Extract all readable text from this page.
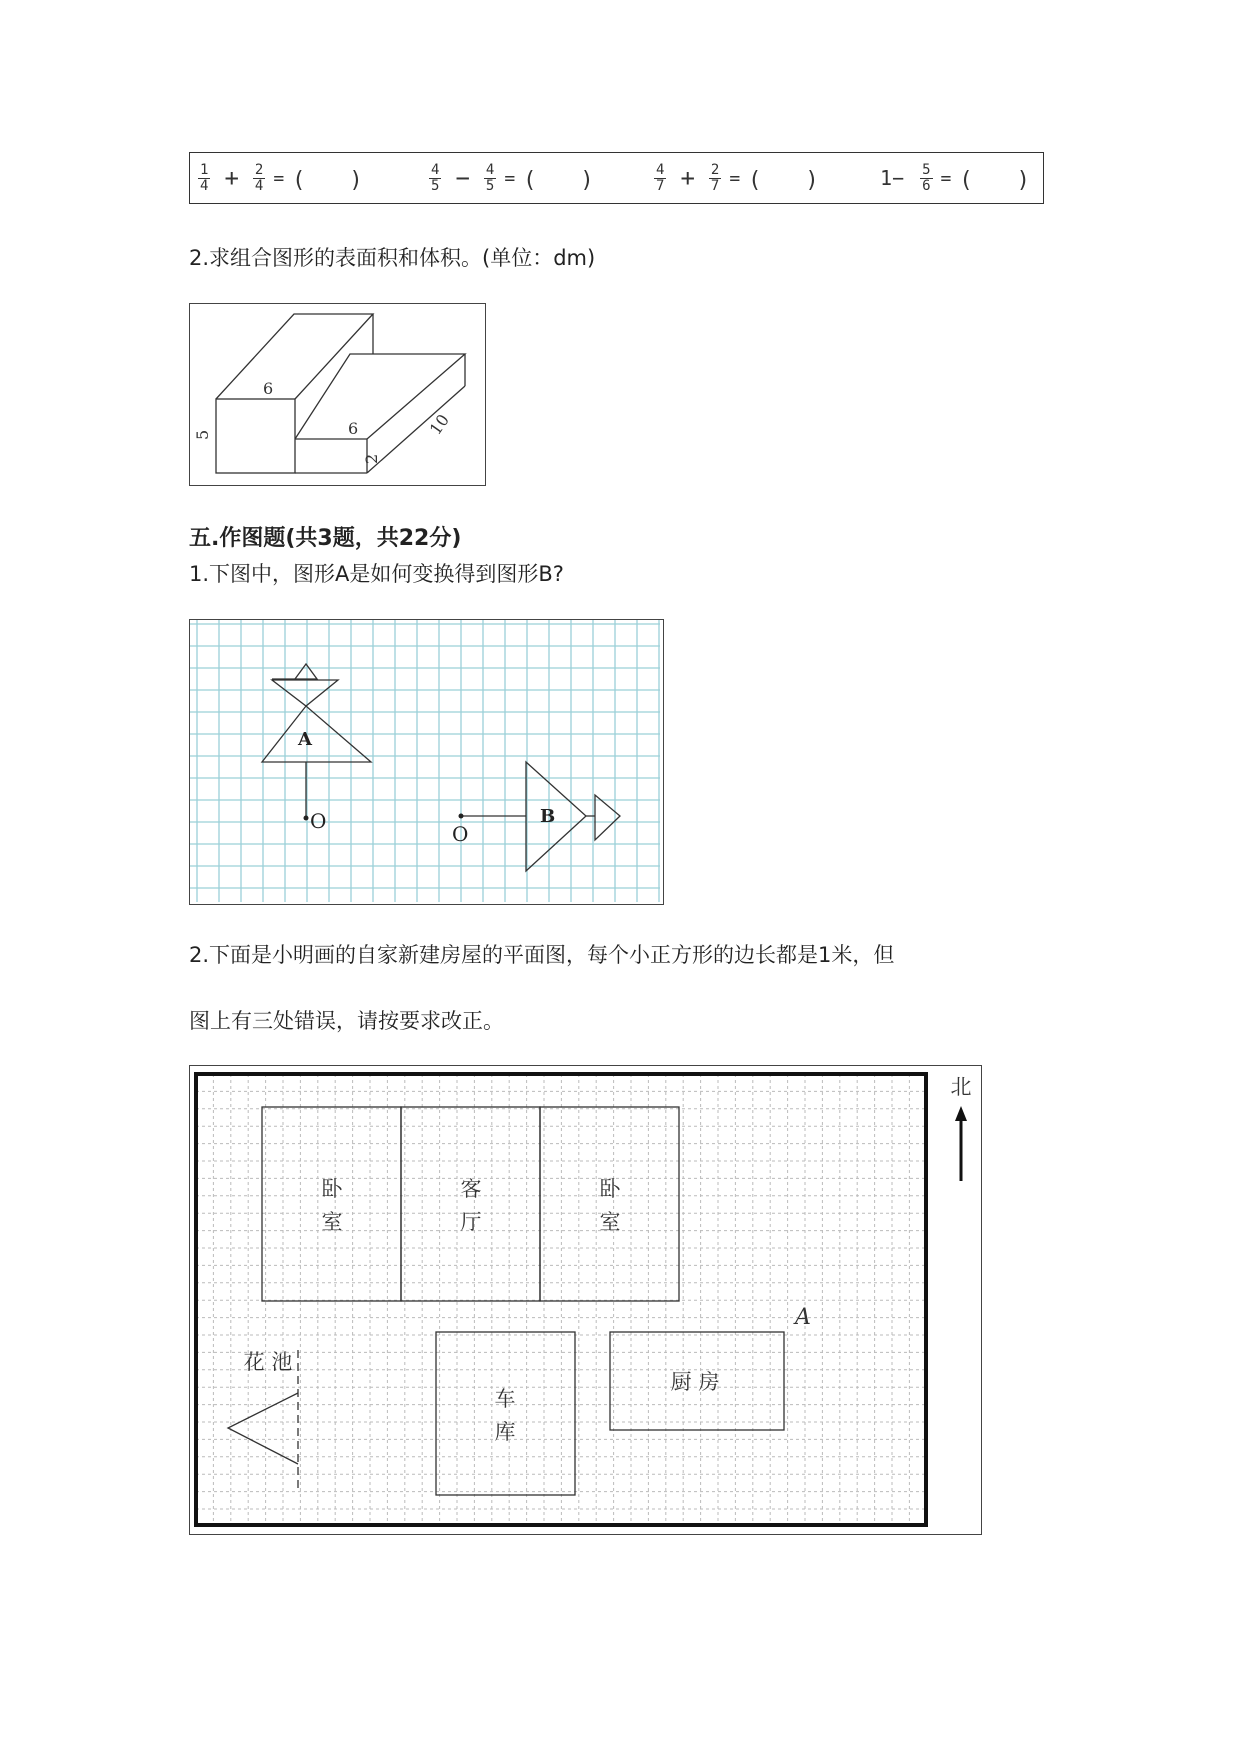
$\frac{1}{4} + \frac{2}{4}$ = (　　)	$\frac{4}{5} - \frac{4}{5}$ = (　　)	$\frac{4}{7} + \frac{2}{7}$ = (　　)	$1- \frac{5}{6}$ = (　　)
2.求组合图形的表面积和体积。(单位：dm)
6
5	6
2
10
五.作图题(共3题，共22分)
1.下图中，图形A是如何变换得到图形B?
A
B
O
O
2.下面是小明画的自家新建房屋的平面图，每个小正方形的边长都是1米，但
图上有三处错误，请按要求改正。
北
卧
室
客
厅
卧
室
车
库
厨 房
花 池
A
